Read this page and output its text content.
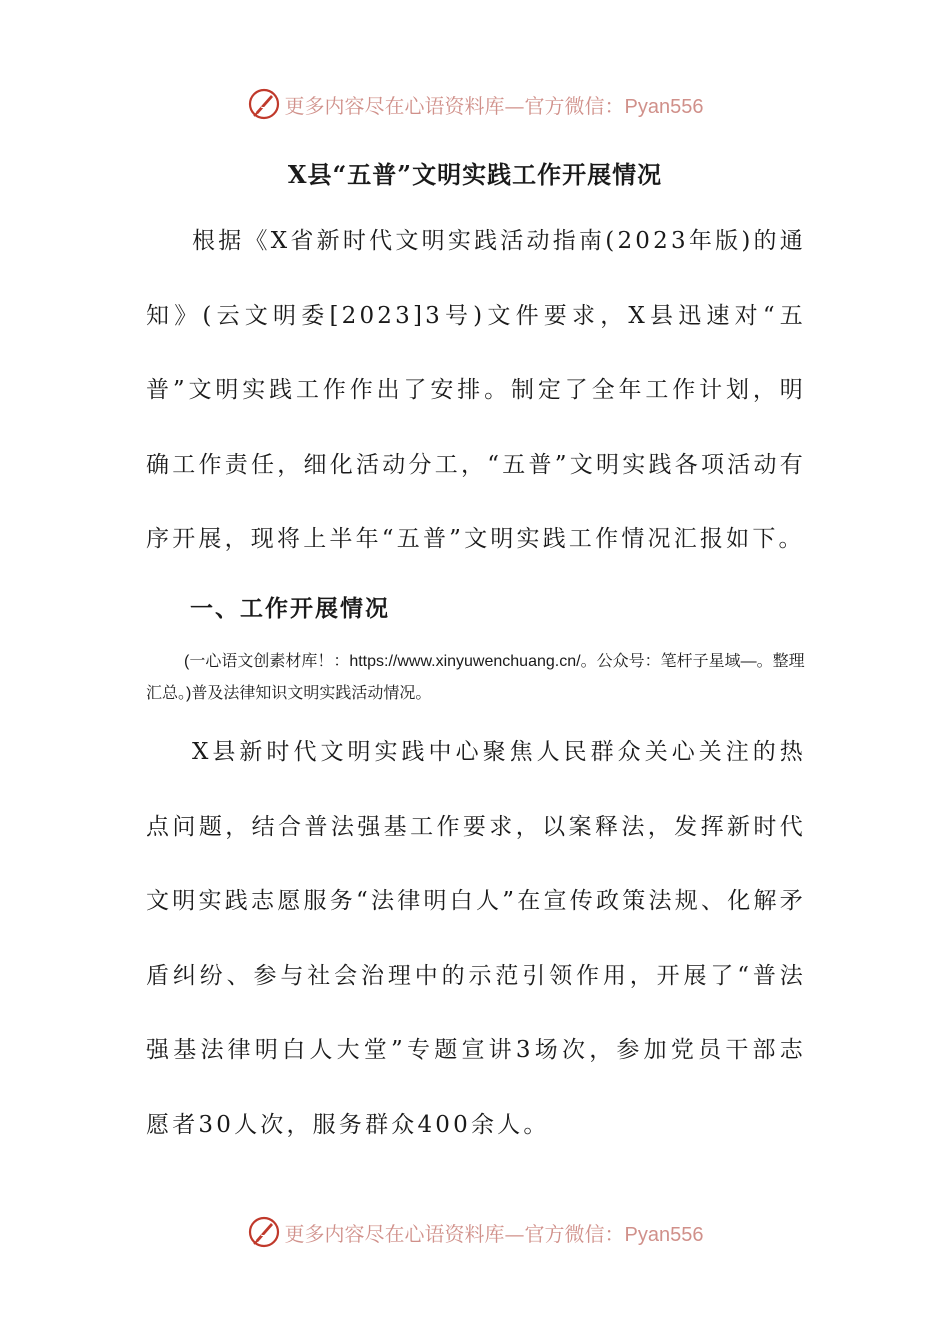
更多内容尽在心语资料库—官方微信：Pyan556
X县“五普”文明实践工作开展情况

根据《X省新时代文明实践活动指南(2023年版)的通知》(云文明委[2023]3号)文件要求，X县迅速对“五普”文明实践工作作出了安排。制定了全年工作计划，明确工作责任，细化活动分工，“五普”文明实践各项活动有序开展，现将上半年“五普”文明实践工作情况汇报如下。

一、工作开展情况

(一心语文创素材库！：https://www.xinyuwenchuang.cn/。公众号：笔杆子星域—。整理汇总。)普及法律知识文明实践活动情况。

X县新时代文明实践中心聚焦人民群众关心关注的热点问题，结合普法强基工作要求，以案释法，发挥新时代文明实践志愿服务“法律明白人”在宣传政策法规、化解矛盾纠纷、参与社会治理中的示范引领作用，开展了“普法强基法律明白人大堂”专题宣讲3场次，参加党员干部志愿者30人次，服务群众400余人。

更多内容尽在心语资料库—官方微信：Pyan556
